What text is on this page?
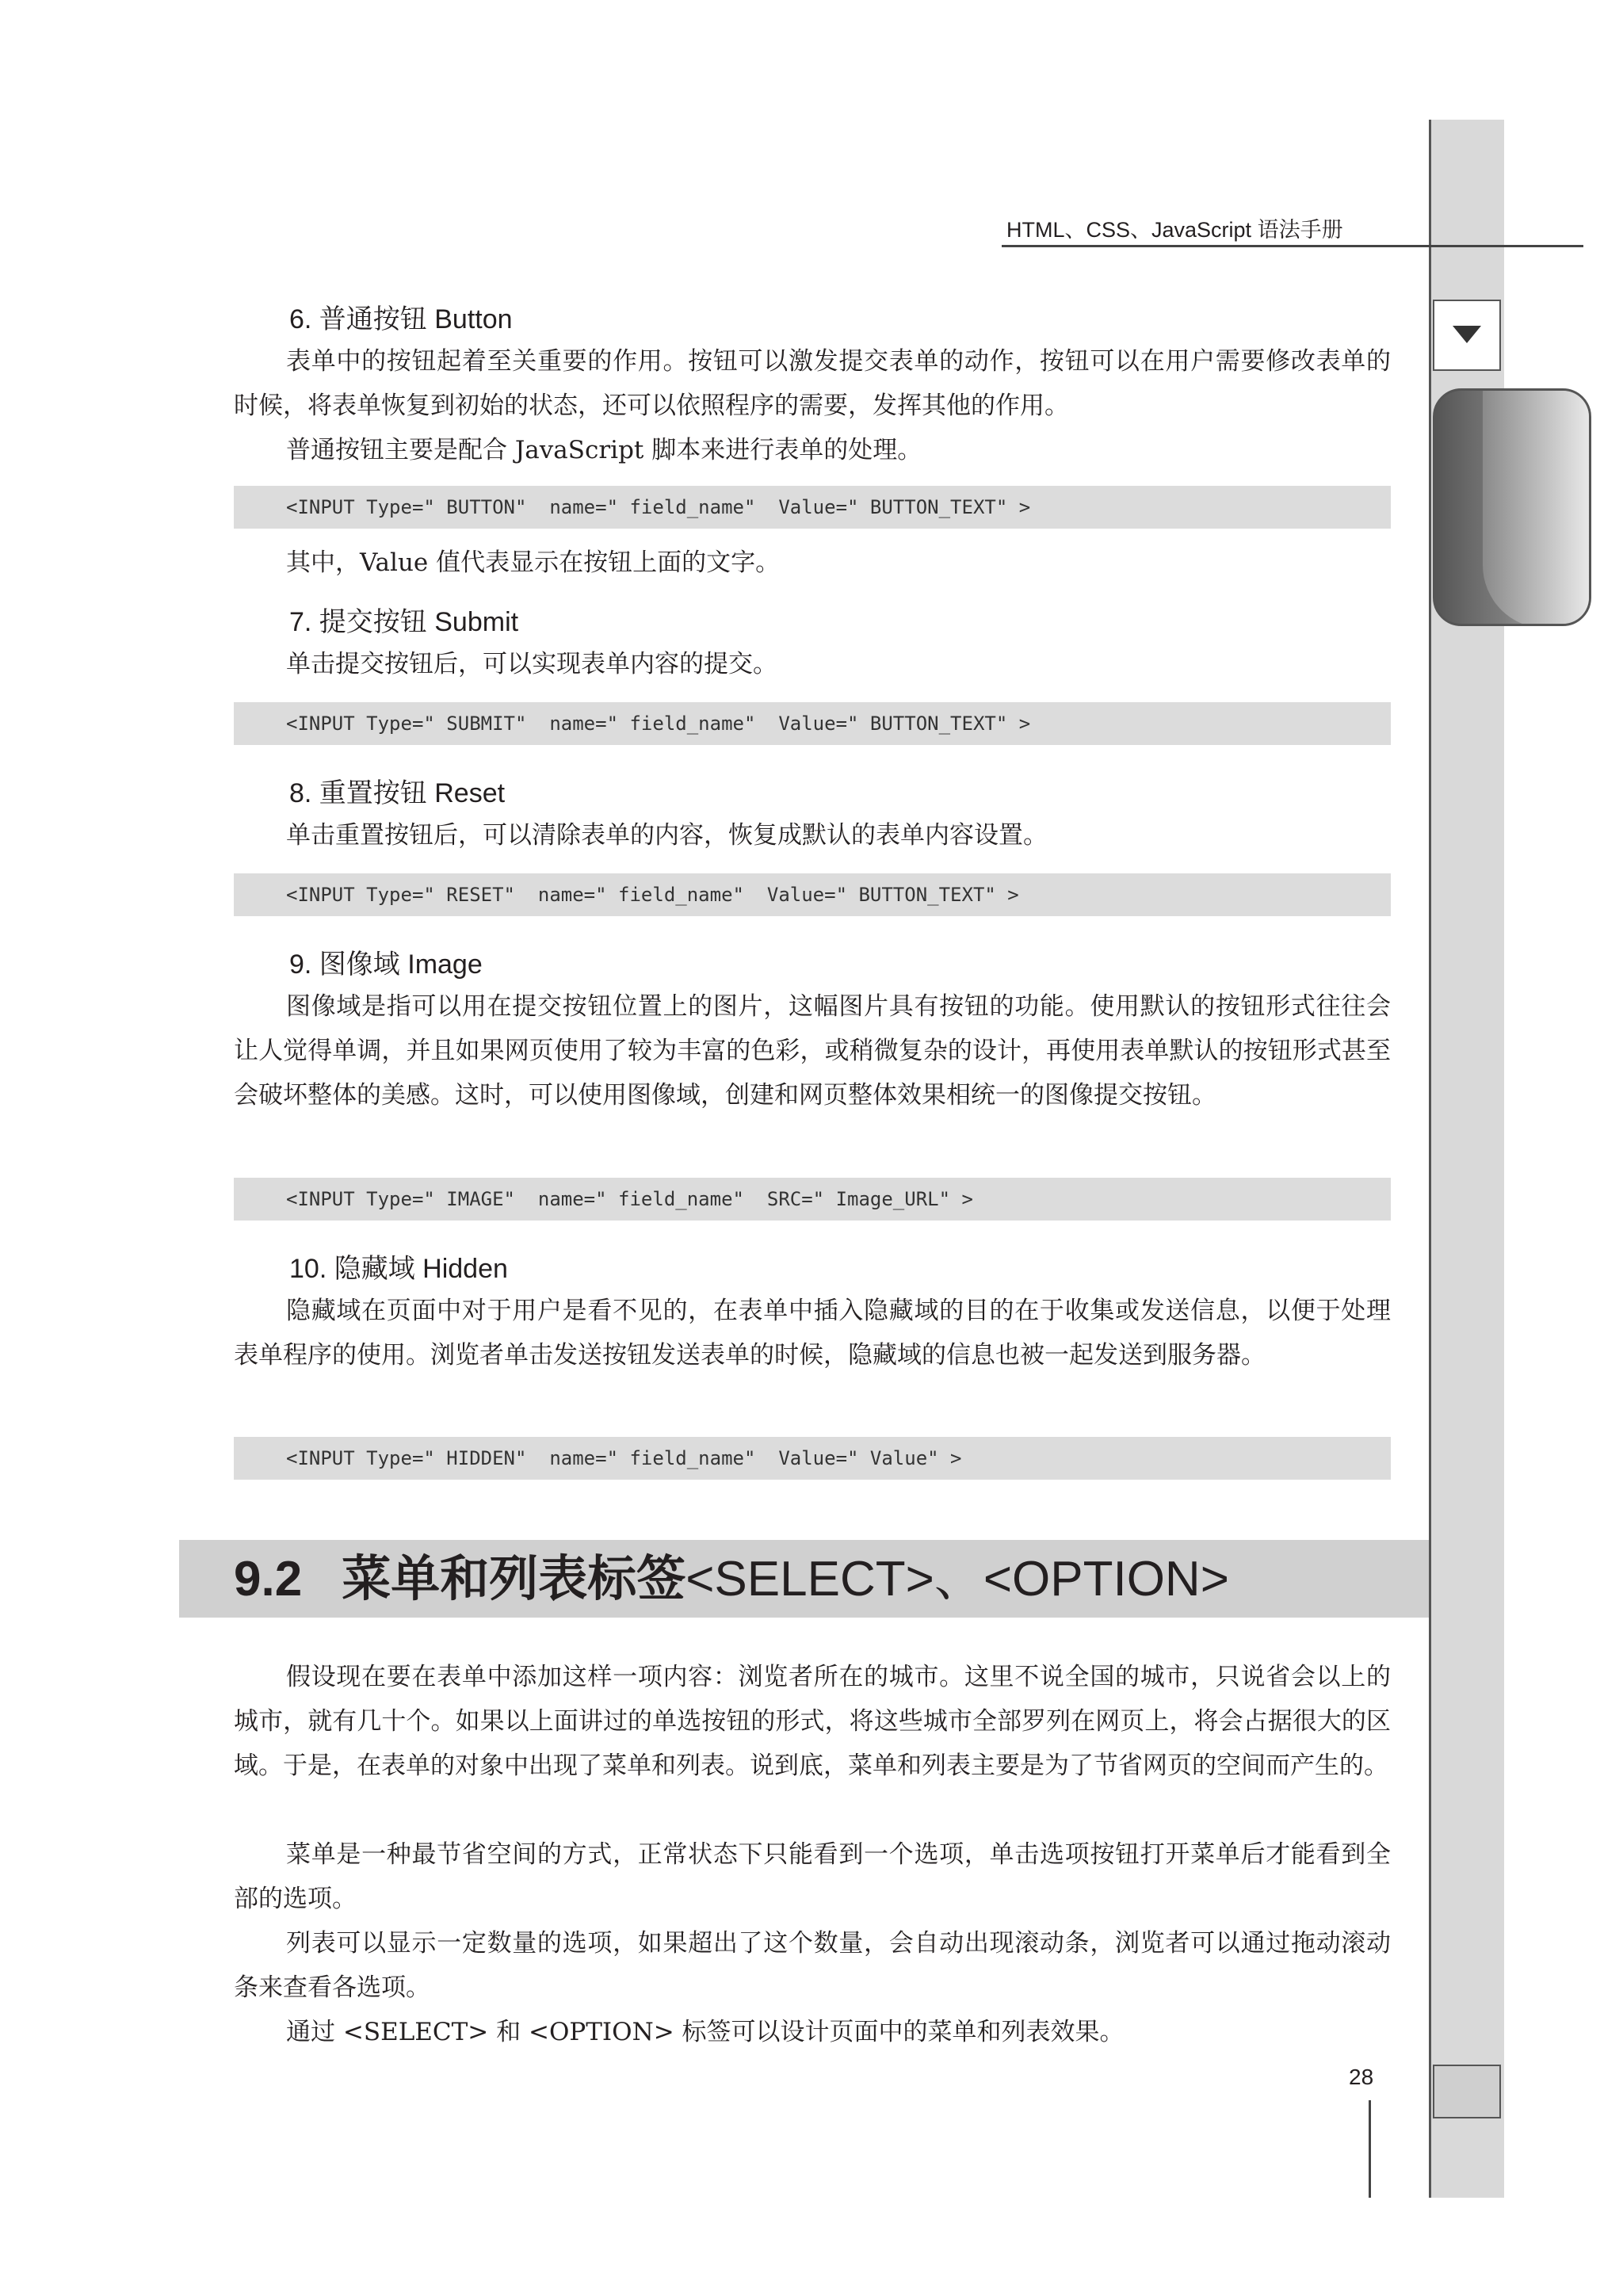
HTML、CSS、JavaScript 语法手册
28
6. 普通按钮 Button
表单中的按钮起着至关重要的作用。按钮可以激发提交表单的动作，按钮可以在用户需要修改表单的时候，将表单恢复到初始的状态，还可以依照程序的需要，发挥其他的作用。
普通按钮主要是配合 JavaScript 脚本来进行表单的处理。
<INPUT Type=" BUTTON"  name=" field_name"  Value=" BUTTON_TEXT" >
其中，Value 值代表显示在按钮上面的文字。
7. 提交按钮 Submit
单击提交按钮后，可以实现表单内容的提交。
<INPUT Type=" SUBMIT"  name=" field_name"  Value=" BUTTON_TEXT" >
8. 重置按钮 Reset
单击重置按钮后，可以清除表单的内容，恢复成默认的表单内容设置。
<INPUT Type=" RESET"  name=" field_name"  Value=" BUTTON_TEXT" >
9. 图像域 Image
图像域是指可以用在提交按钮位置上的图片，这幅图片具有按钮的功能。使用默认的按钮形式往往会让人觉得单调，并且如果网页使用了较为丰富的色彩，或稍微复杂的设计，再使用表单默认的按钮形式甚至会破坏整体的美感。这时，可以使用图像域，创建和网页整体效果相统一的图像提交按钮。
<INPUT Type=" IMAGE"  name=" field_name"  SRC=" Image_URL" >
10. 隐藏域 Hidden
隐藏域在页面中对于用户是看不见的，在表单中插入隐藏域的目的在于收集或发送信息，以便于处理表单程序的使用。浏览者单击发送按钮发送表单的时候，隐藏域的信息也被一起发送到服务器。
<INPUT Type=" HIDDEN"  name=" field_name"  Value=" Value" >
9.2 菜单和列表标签<SELECT>、<OPTION>
假设现在要在表单中添加这样一项内容：浏览者所在的城市。这里不说全国的城市，只说省会以上的城市，就有几十个。如果以上面讲过的单选按钮的形式，将这些城市全部罗列在网页上，将会占据很大的区域。于是，在表单的对象中出现了菜单和列表。说到底，菜单和列表主要是为了节省网页的空间而产生的。
菜单是一种最节省空间的方式，正常状态下只能看到一个选项，单击选项按钮打开菜单后才能看到全部的选项。
列表可以显示一定数量的选项，如果超出了这个数量，会自动出现滚动条，浏览者可以通过拖动滚动条来查看各选项。
通过 <SELECT> 和 <OPTION> 标签可以设计页面中的菜单和列表效果。
